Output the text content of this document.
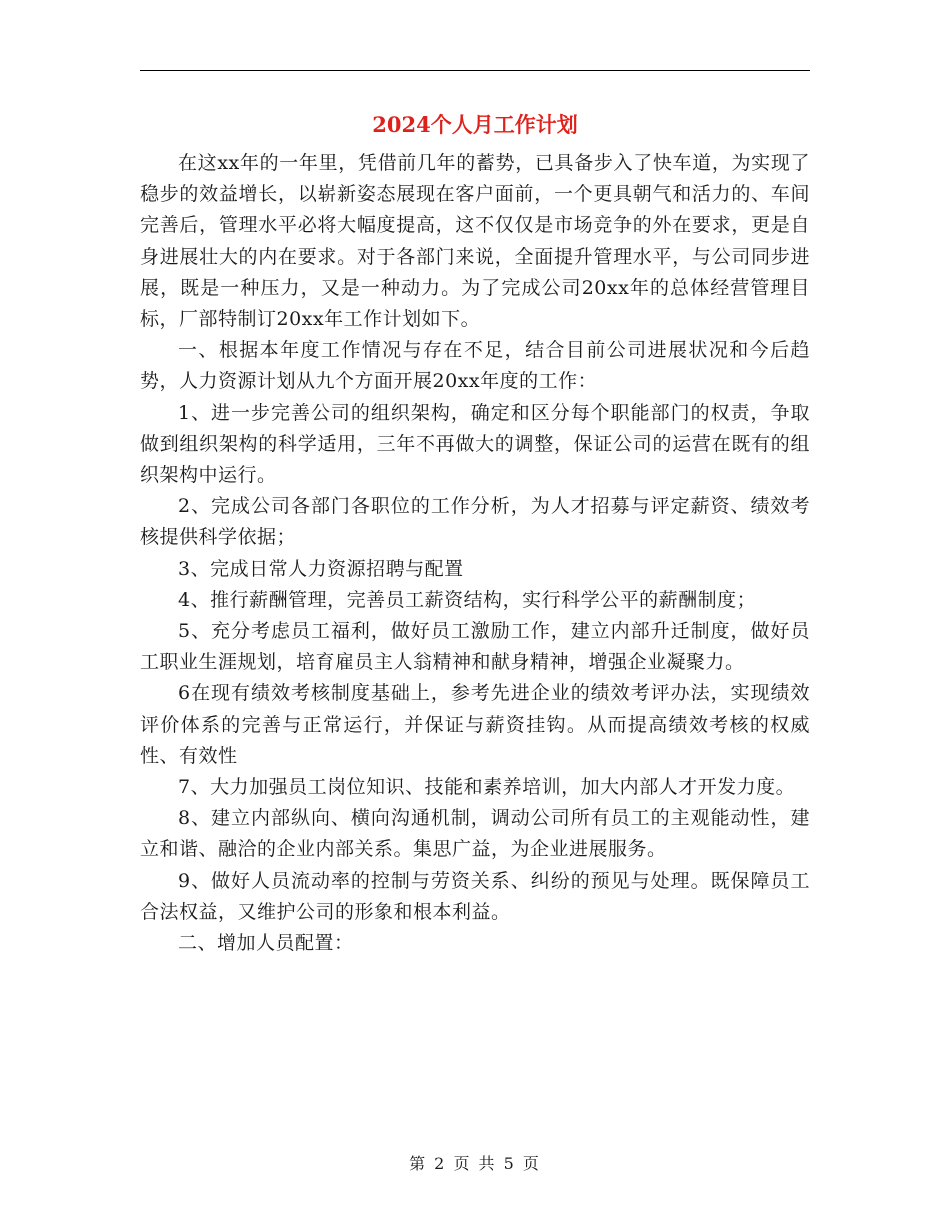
2024个人月工作计划

在这xx年的一年里，凭借前几年的蓄势，已具备步入了快车道，为实现了稳步的效益增长，以崭新姿态展现在客户面前，一个更具朝气和活力的、车间完善后，管理水平必将大幅度提高，这不仅仅是市场竞争的外在要求，更是自身进展壮大的内在要求。对于各部门来说，全面提升管理水平，与公司同步进展，既是一种压力，又是一种动力。为了完成公司20xx年的总体经营管理目标，厂部特制订20xx年工作计划如下。

一、根据本年度工作情况与存在不足，结合目前公司进展状况和今后趋势，人力资源计划从九个方面开展20xx年度的工作：

1、进一步完善公司的组织架构，确定和区分每个职能部门的权责，争取做到组织架构的科学适用，三年不再做大的调整，保证公司的运营在既有的组织架构中运行。

2、完成公司各部门各职位的工作分析，为人才招募与评定薪资、绩效考核提供科学依据；

3、完成日常人力资源招聘与配置

4、推行薪酬管理，完善员工薪资结构，实行科学公平的薪酬制度；

5、充分考虑员工福利，做好员工激励工作，建立内部升迁制度，做好员工职业生涯规划，培育雇员主人翁精神和献身精神，增强企业凝聚力。

6在现有绩效考核制度基础上，参考先进企业的绩效考评办法，实现绩效评价体系的完善与正常运行，并保证与薪资挂钩。从而提高绩效考核的权威性、有效性

7、大力加强员工岗位知识、技能和素养培训，加大内部人才开发力度。

8、建立内部纵向、横向沟通机制，调动公司所有员工的主观能动性，建立和谐、融洽的企业内部关系。集思广益，为企业进展服务。

9、做好人员流动率的控制与劳资关系、纠纷的预见与处理。既保障员工合法权益，又维护公司的形象和根本利益。

二、增加人员配置：

第 2 页 共 5 页
